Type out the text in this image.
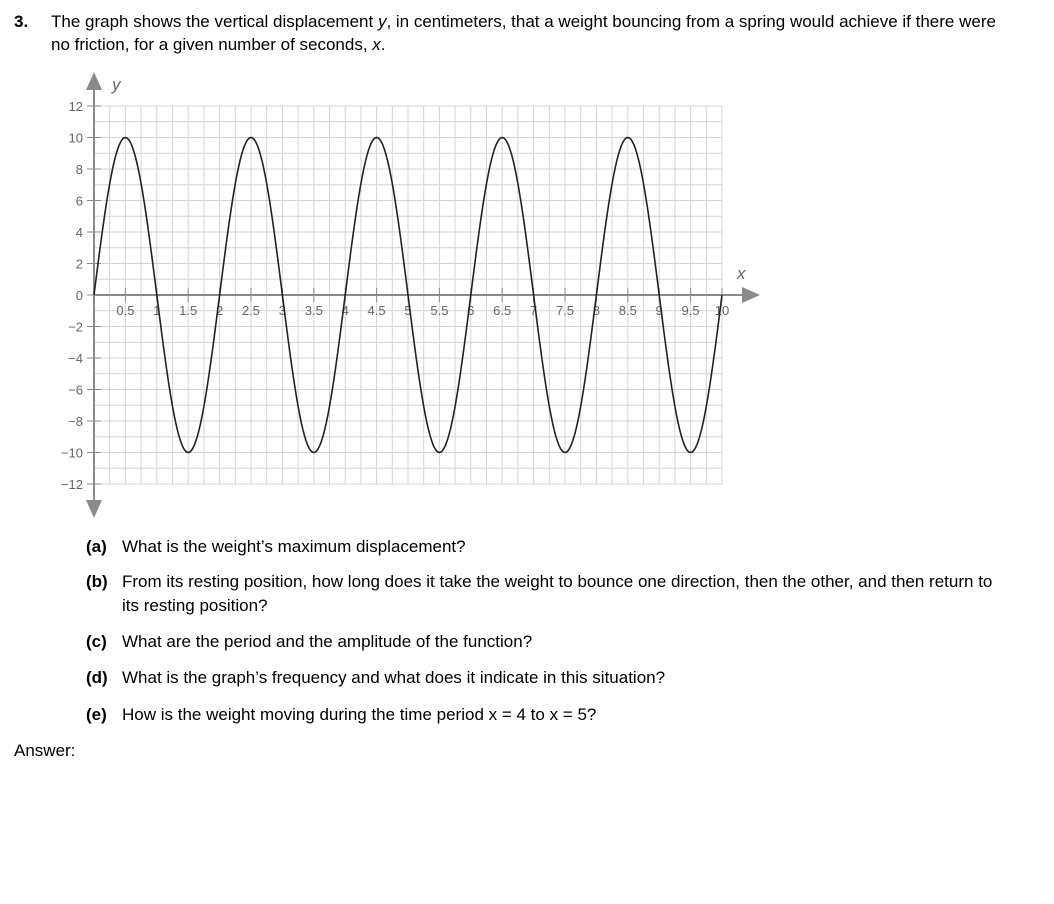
3. The graph shows the vertical displacement y, in centimeters, that a weight bouncing from a spring would achieve if there were no friction, for a given number of seconds, x.
y
x
12
10
8
6
4
2
0
−2
−4
−6
−8
−10
−12
0.5 1 1.5 2 2.5 3 3.5 4 4.5 5 5.5 6 6.5 7 7.5 8 8.5 9 9.5 10
(a) What is the weight’s maximum displacement?
(b) From its resting position, how long does it take the weight to bounce one direction, then the other, and then return to its resting position?
(c) What are the period and the amplitude of the function?
(d) What is the graph’s frequency and what does it indicate in this situation?
(e) How is the weight moving during the time period x = 4 to x = 5?
Answer:
